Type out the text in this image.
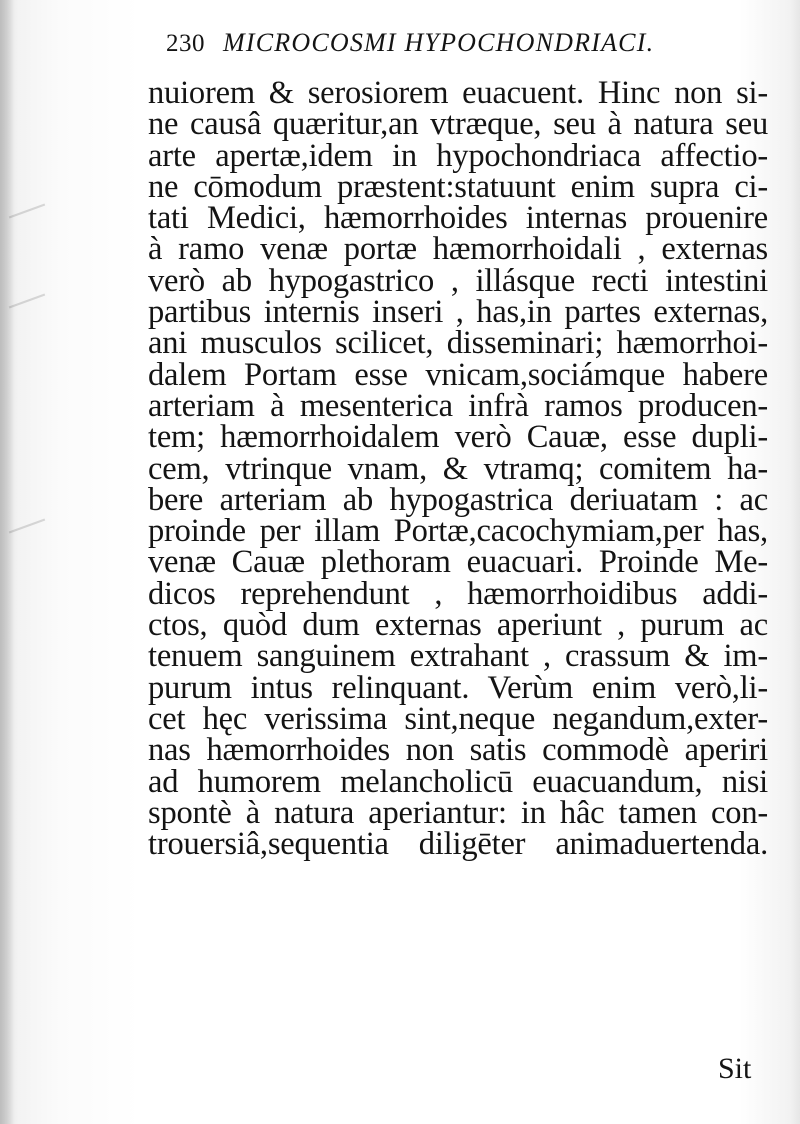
230 MICROCOSMI HYPOCHONDRIACI.
nuiorem & serosiorem euacuent. Hinc non si-
ne causâ quæritur,an vtræque, seu à natura seu
arte apertæ,idem in hypochondriaca affectio-
ne cōmodum præstent:statuunt enim supra ci-
tati Medici, hæmorrhoides internas prouenire
à ramo venæ portæ hæmorrhoidali , externas
verò ab hypogastrico , illásque recti intestini
partibus internis inseri , has,in partes externas,
ani musculos scilicet, disseminari; hæmorrhoi-
dalem Portam esse vnicam,sociámque habere
arteriam à mesenterica infrà ramos producen-
tem; hæmorrhoidalem verò Cauæ, esse dupli-
cem, vtrinque vnam, & vtramq; comitem ha-
bere arteriam ab hypogastrica deriuatam : ac
proinde per illam Portæ,cacochymiam,per has,
venæ Cauæ plethoram euacuari. Proinde Me-
dicos reprehendunt , hæmorrhoidibus addi-
ctos, quòd dum externas aperiunt , purum ac
tenuem sanguinem extrahant , crassum & im-
purum intus relinquant. Verùm enim verò,li-
cet hęc verissima sint,neque negandum,exter-
nas hæmorrhoides non satis commodè aperiri
ad humorem melancholicū euacuandum, nisi
spontè à natura aperiantur: in hâc tamen con-
trouersiâ,sequentia diligēter animaduertenda.
Sit
